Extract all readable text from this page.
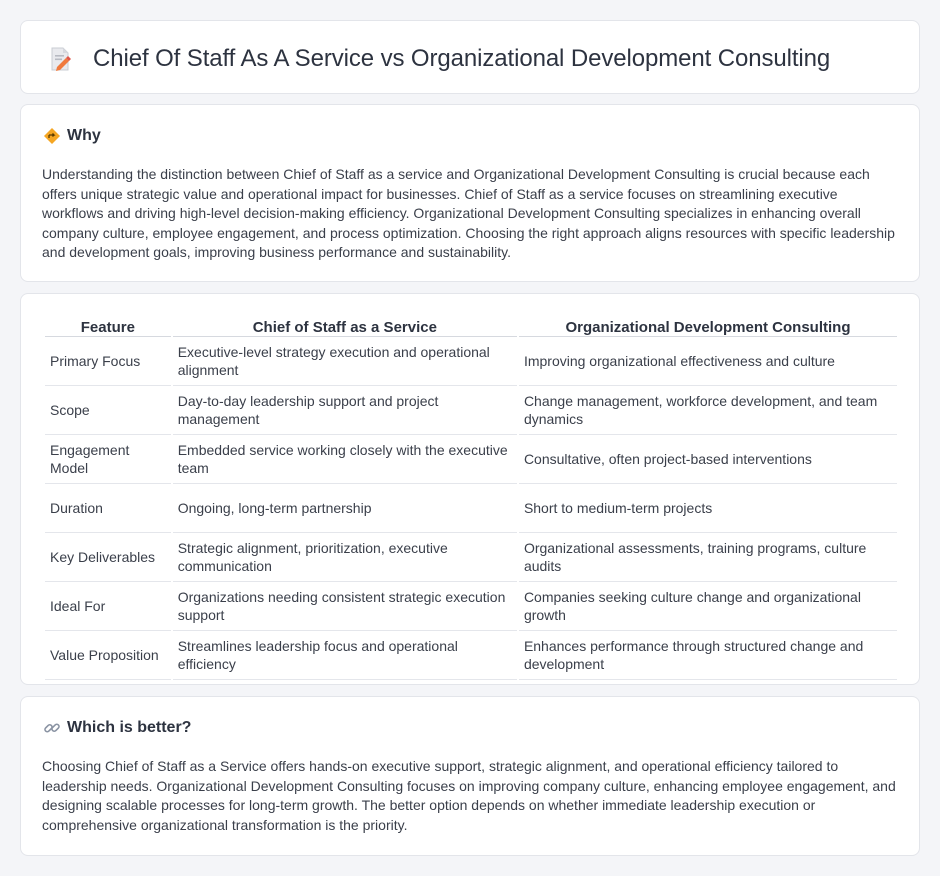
Chief Of Staff As A Service vs Organizational Development Consulting
Why

Understanding the distinction between Chief of Staff as a service and Organizational Development Consulting is crucial because each offers unique strategic value and operational impact for businesses. Chief of Staff as a service focuses on streamlining executive workflows and driving high-level decision-making efficiency. Organizational Development Consulting specializes in enhancing overall company culture, employee engagement, and process optimization. Choosing the right approach aligns resources with specific leadership and development goals, improving business performance and sustainability.

Feature	Chief of Staff as a Service	Organizational Development Consulting
Primary Focus	Executive-level strategy execution and operational alignment	Improving organizational effectiveness and culture
Scope	Day-to-day leadership support and project management	Change management, workforce development, and team dynamics
Engagement Model	Embedded service working closely with the executive team	Consultative, often project-based interventions
Duration	Ongoing, long-term partnership	Short to medium-term projects
Key Deliverables	Strategic alignment, prioritization, executive communication	Organizational assessments, training programs, culture audits
Ideal For	Organizations needing consistent strategic execution support	Companies seeking culture change and organizational growth
Value Proposition	Streamlines leadership focus and operational efficiency	Enhances performance through structured change and development
Which is better?

Choosing Chief of Staff as a Service offers hands-on executive support, strategic alignment, and operational efficiency tailored to leadership needs. Organizational Development Consulting focuses on improving company culture, enhancing employee engagement, and designing scalable processes for long-term growth. The better option depends on whether immediate leadership execution or comprehensive organizational transformation is the priority.
